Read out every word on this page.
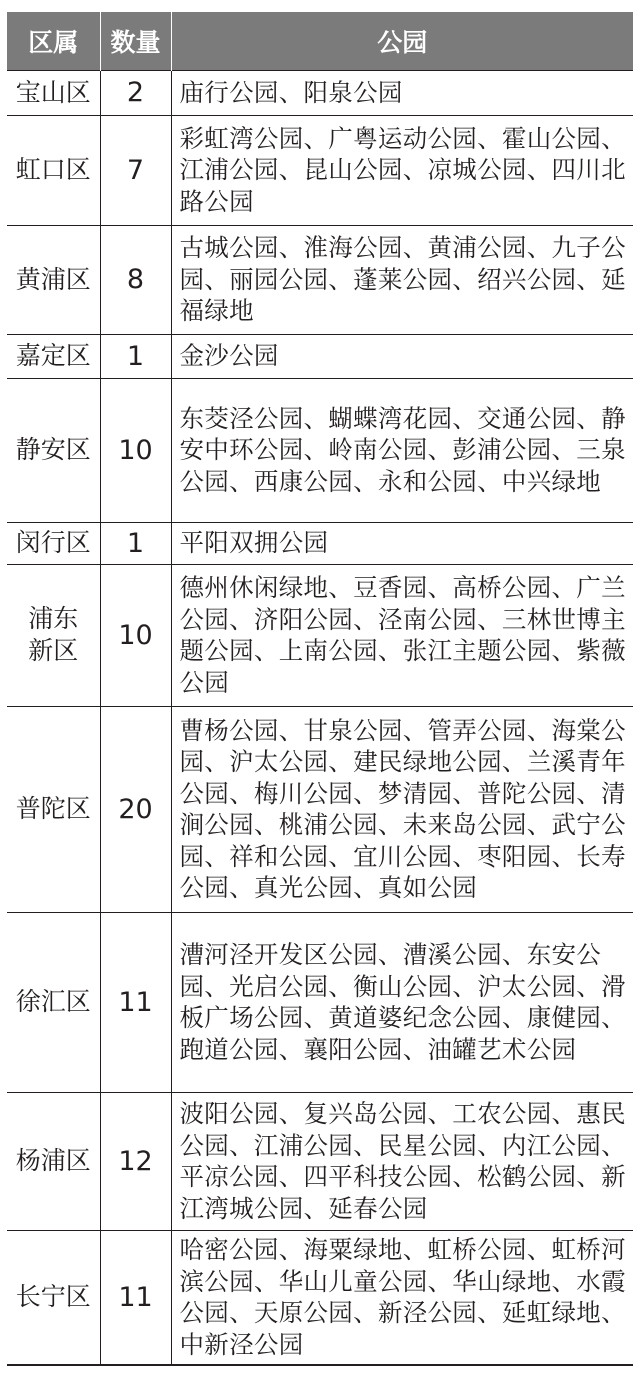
区属	数量	公园
宝山区	2	庙行公园、阳泉公园
虹口区	7	彩虹湾公园、广粤运动公园、霍山公园、江浦公园、昆山公园、凉城公园、四川北路公园
黄浦区	8	古城公园、淮海公园、黄浦公园、九子公园、丽园公园、蓬莱公园、绍兴公园、延福绿地
嘉定区	1	金沙公园
静安区	10	东茭泾公园、蝴蝶湾花园、交通公园、静安中环公园、岭南公园、彭浦公园、三泉公园、西康公园、永和公园、中兴绿地
闵行区	1	平阳双拥公园

浦东新区	10	德州休闲绿地、豆香园、高桥公园、广兰公园、济阳公园、泾南公园、三林世博主题公园、上南公园、张江主题公园、紫薇公园
普陀区	20	曹杨公园、甘泉公园、管弄公园、海棠公园、沪太公园、建民绿地公园、兰溪青年公园、梅川公园、梦清园、普陀公园、清涧公园、桃浦公园、未来岛公园、武宁公园、祥和公园、宜川公园、枣阳园、长寿公园、真光公园、真如公园
徐汇区	11	漕河泾开发区公园、漕溪公园、东安公园、光启公园、衡山公园、沪太公园、滑板广场公园、黄道婆纪念公园、康健园、跑道公园、襄阳公园、油罐艺术公园
杨浦区	12	波阳公园、复兴岛公园、工农公园、惠民公园、江浦公园、民星公园、内江公园、平凉公园、四平科技公园、松鹤公园、新江湾城公园、延春公园
长宁区	11	哈密公园、海粟绿地、虹桥公园、虹桥河滨公园、华山儿童公园、华山绿地、水霞公园、天原公园、新泾公园、延虹绿地、中新泾公园
